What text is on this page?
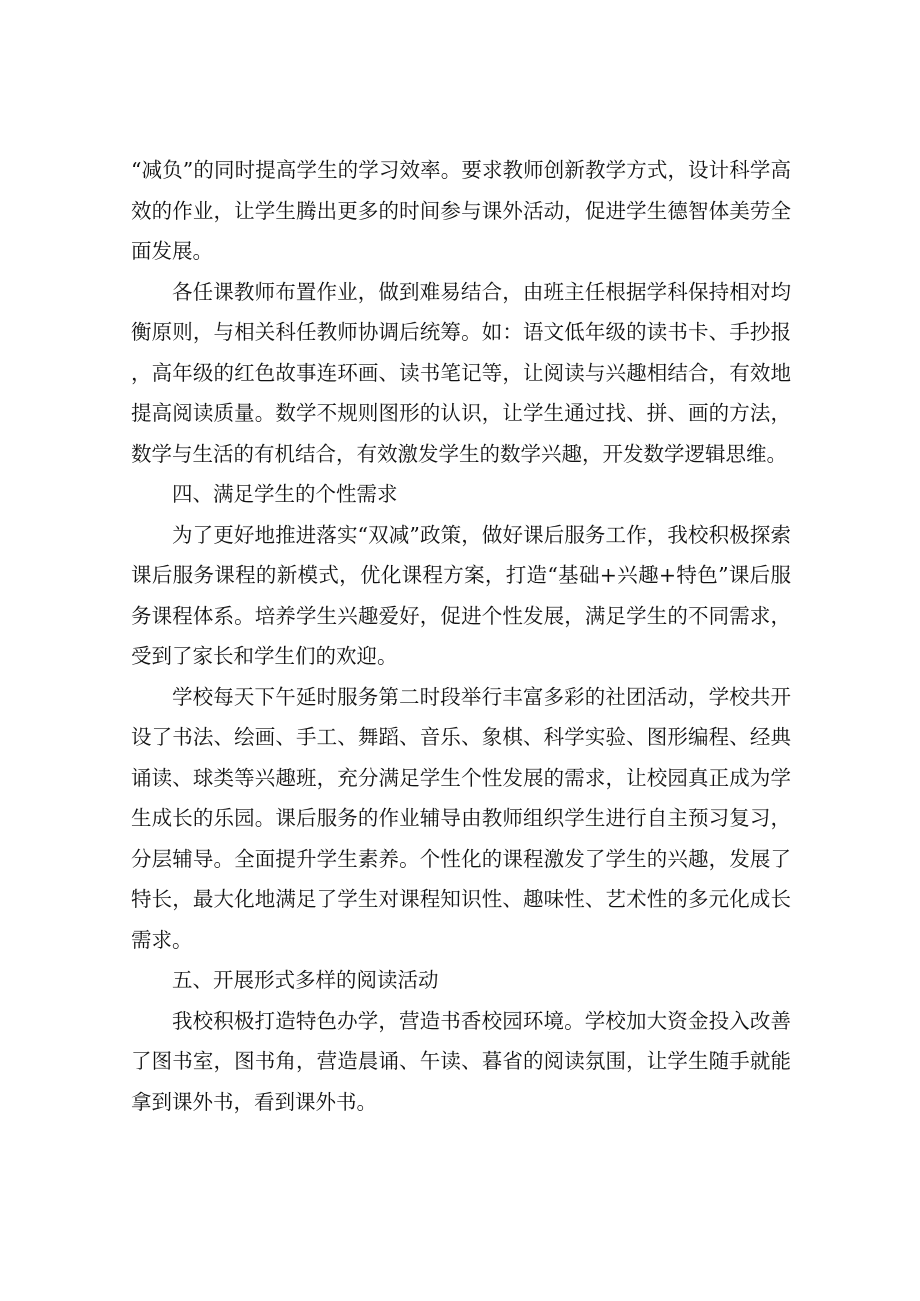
“减负”的同时提高学生的学习效率。要求教师创新教学方式，设计科学高效的作业，让学生腾出更多的时间参与课外活动，促进学生德智体美劳全面发展。

各任课教师布置作业，做到难易结合，由班主任根据学科保持相对均衡原则，与相关科任教师协调后统筹。如：语文低年级的读书卡、手抄报，高年级的红色故事连环画、读书笔记等，让阅读与兴趣相结合，有效地提高阅读质量。数学不规则图形的认识，让学生通过找、拼、画的方法，数学与生活的有机结合，有效激发学生的数学兴趣，开发数学逻辑思维。

四、满足学生的个性需求

为了更好地推进落实“双减”政策，做好课后服务工作，我校积极探索课后服务课程的新模式，优化课程方案，打造“基础+兴趣+特色”课后服务课程体系。培养学生兴趣爱好，促进个性发展，满足学生的不同需求，受到了家长和学生们的欢迎。

学校每天下午延时服务第二时段举行丰富多彩的社团活动，学校共开设了书法、绘画、手工、舞蹈、音乐、象棋、科学实验、图形编程、经典诵读、球类等兴趣班，充分满足学生个性发展的需求，让校园真正成为学生成长的乐园。课后服务的作业辅导由教师组织学生进行自主预习复习，分层辅导。全面提升学生素养。个性化的课程激发了学生的兴趣，发展了特长，最大化地满足了学生对课程知识性、趣味性、艺术性的多元化成长需求。

五、开展形式多样的阅读活动

我校积极打造特色办学，营造书香校园环境。学校加大资金投入改善了图书室，图书角，营造晨诵、午读、暮省的阅读氛围，让学生随手就能拿到课外书，看到课外书。
